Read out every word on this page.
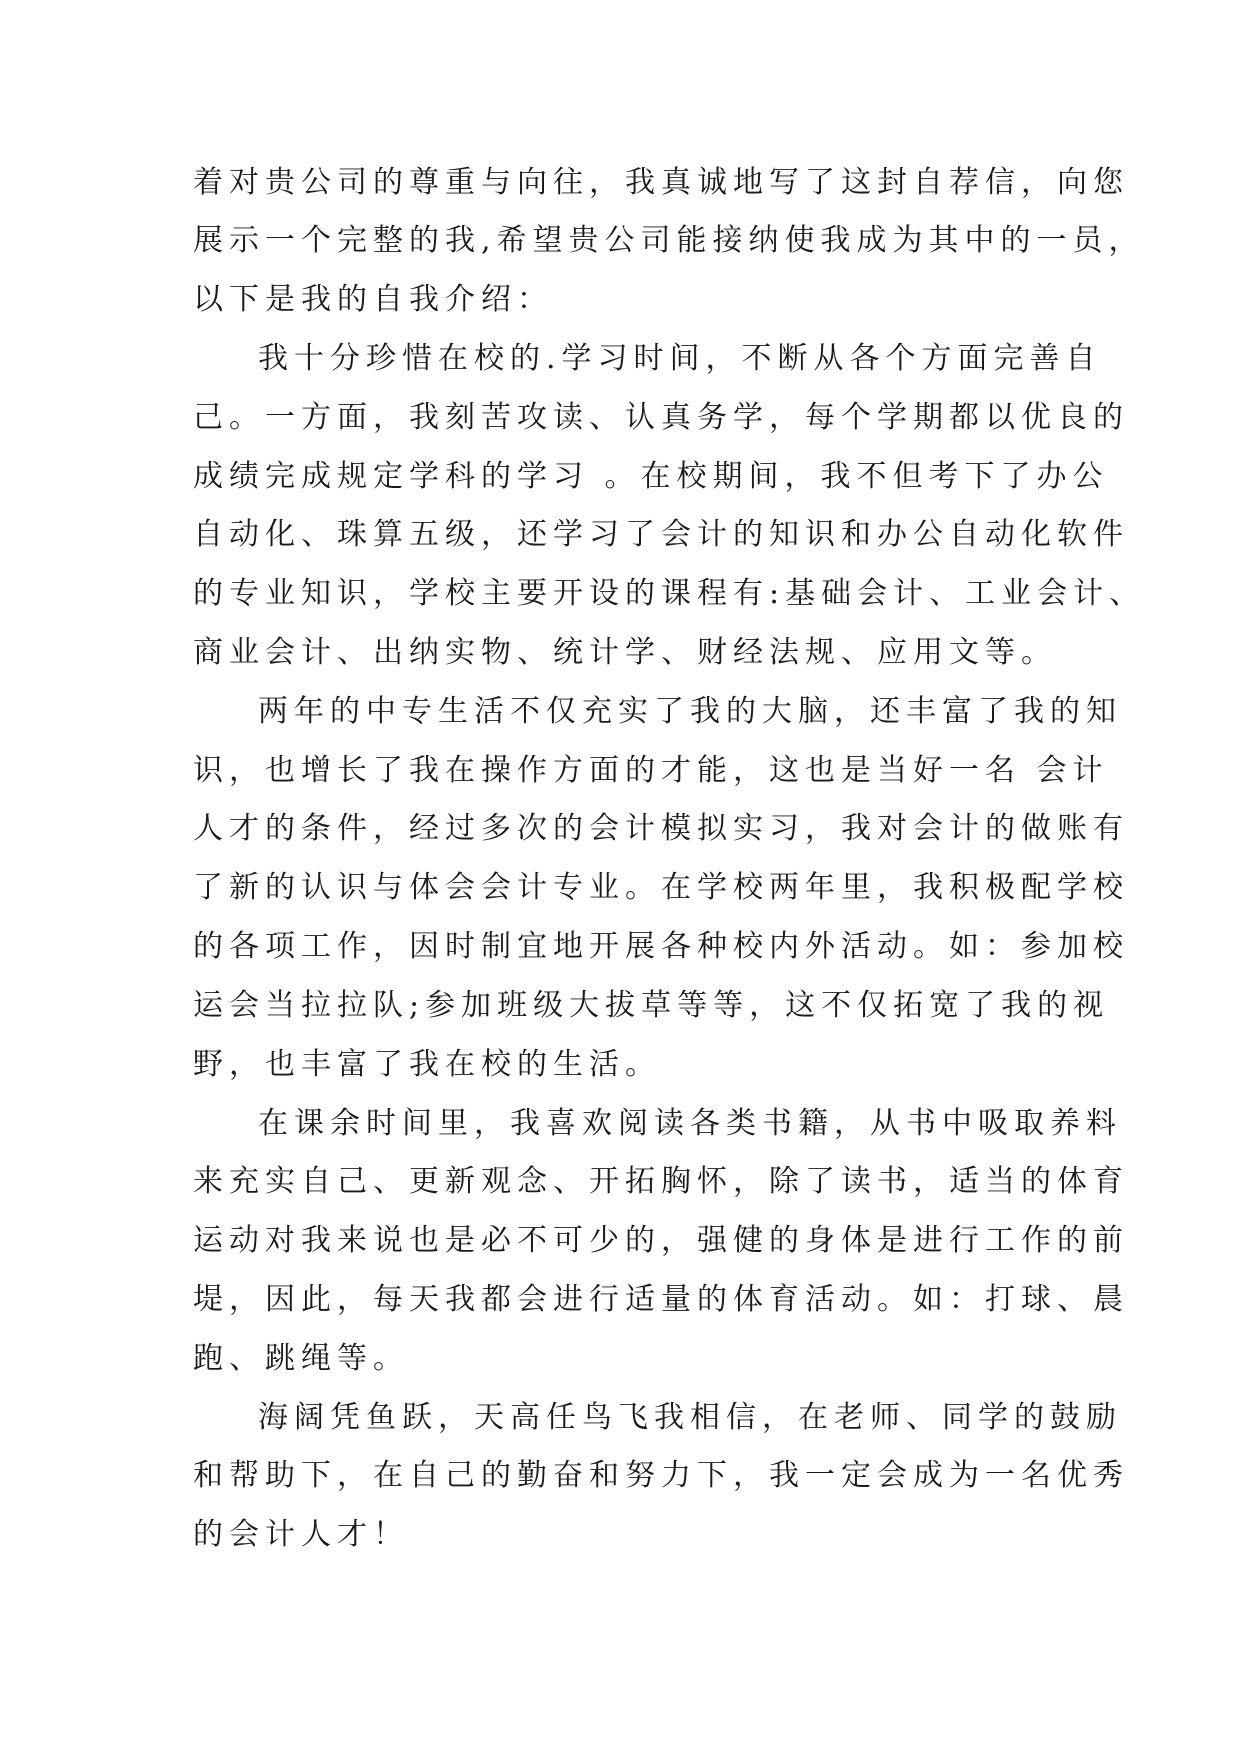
着对贵公司的尊重与向往，我真诚地写了这封自荐信，向您
展示一个完整的我,希望贵公司能接纳使我成为其中的一员，
以下是我的自我介绍：
我十分珍惜在校的.学习时间，不断从各个方面完善自
己。一方面，我刻苦攻读、认真务学，每个学期都以优良的
成绩完成规定学科的学习 。在校期间，我不但考下了办公
自动化、珠算五级，还学习了会计的知识和办公自动化软件
的专业知识，学校主要开设的课程有:基础会计、工业会计、
商业会计、出纳实物、统计学、财经法规、应用文等。
两年的中专生活不仅充实了我的大脑，还丰富了我的知
识，也增长了我在操作方面的才能，这也是当好一名 会计
人才的条件，经过多次的会计模拟实习，我对会计的做账有
了新的认识与体会会计专业。在学校两年里，我积极配学校
的各项工作，因时制宜地开展各种校内外活动。如：参加校
运会当拉拉队;参加班级大拔草等等，这不仅拓宽了我的视
野，也丰富了我在校的生活。
在课余时间里，我喜欢阅读各类书籍，从书中吸取养料
来充实自己、更新观念、开拓胸怀，除了读书，适当的体育
运动对我来说也是必不可少的，强健的身体是进行工作的前
堤，因此，每天我都会进行适量的体育活动。如：打球、晨
跑、跳绳等。
海阔凭鱼跃，天高任鸟飞我相信，在老师、同学的鼓励
和帮助下，在自己的勤奋和努力下，我一定会成为一名优秀
的会计人才！
